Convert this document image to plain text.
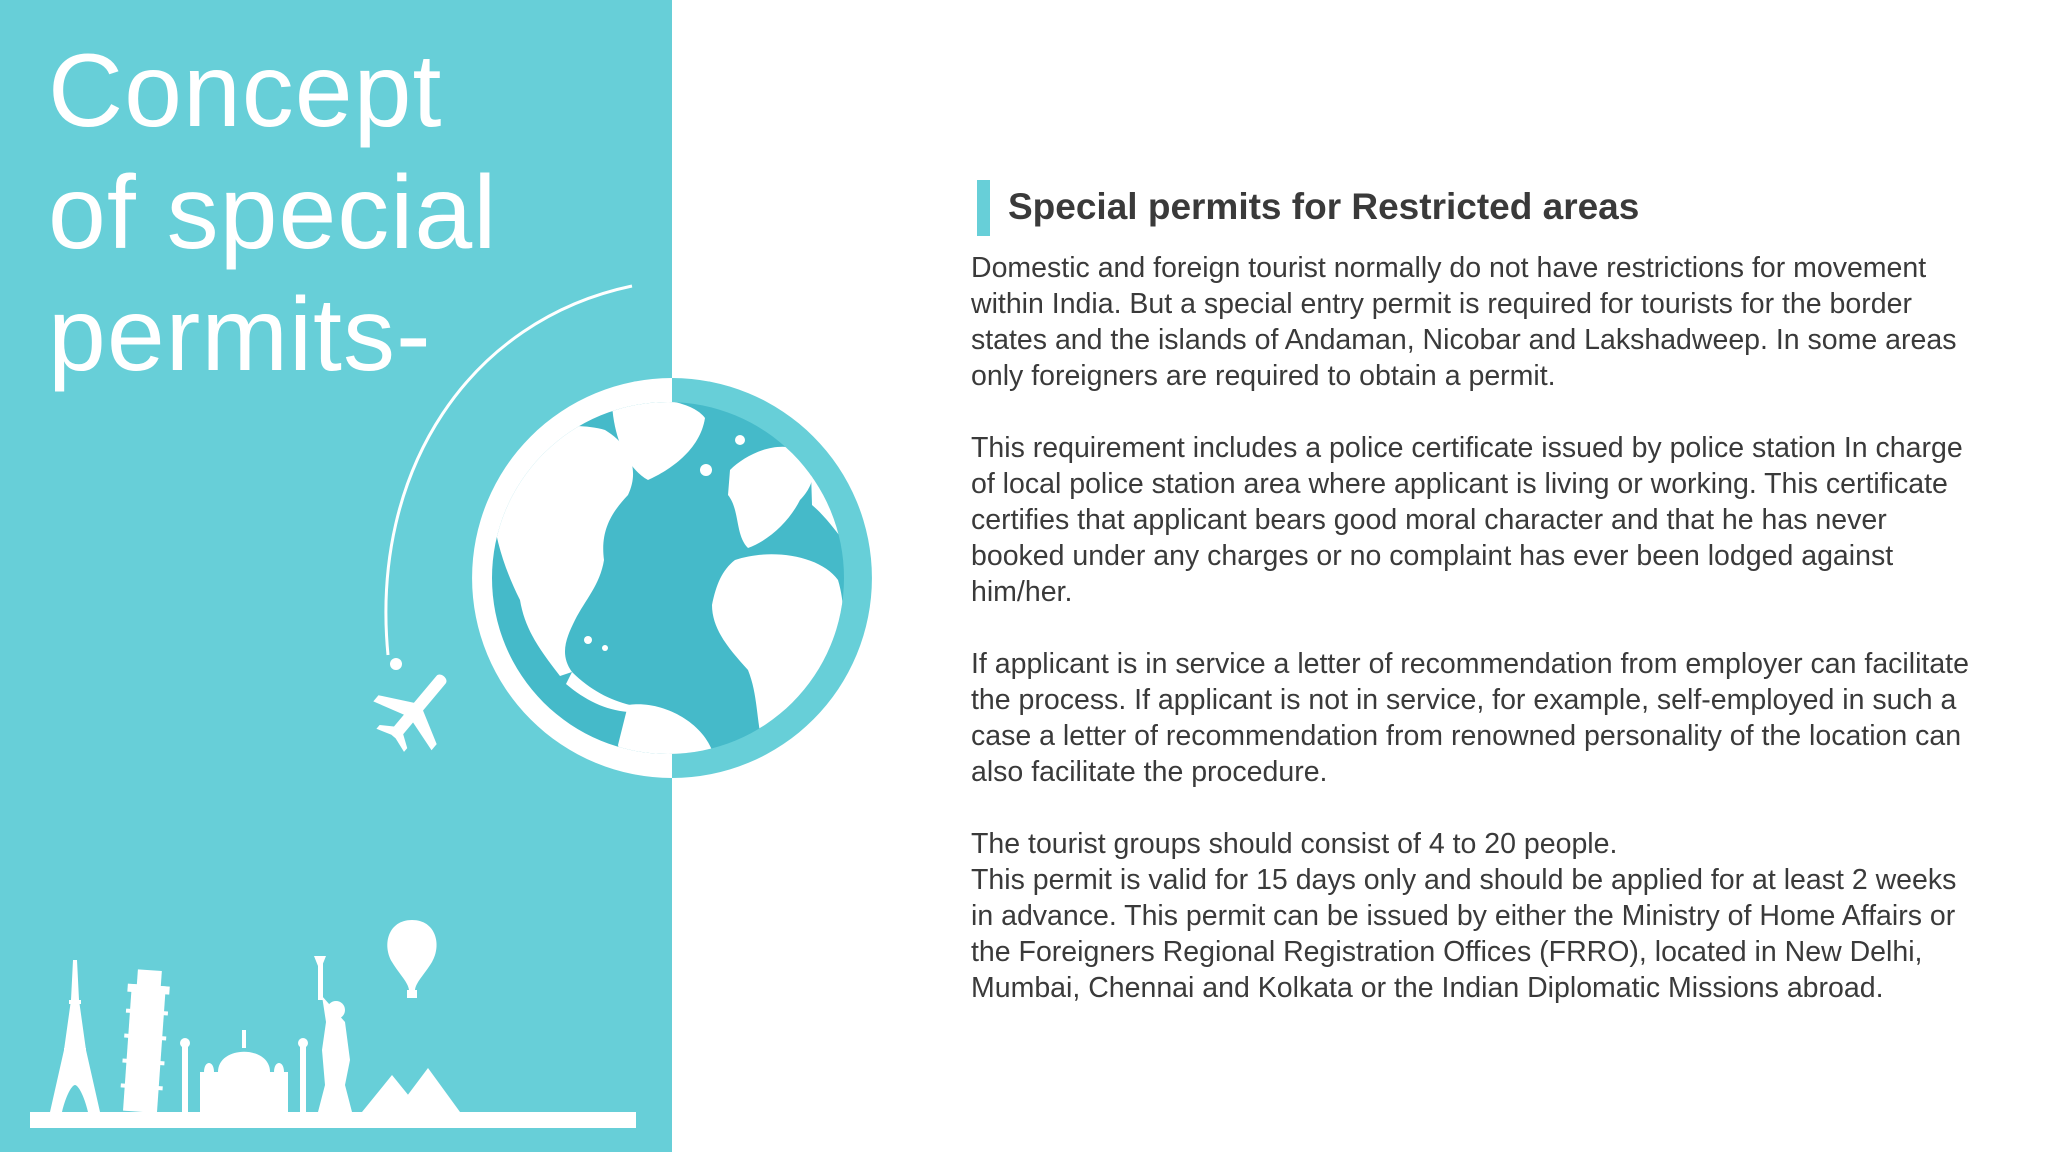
Concept
of special
permits-
Special permits for Restricted areas

Domestic and foreign tourist normally do not have restrictions for movement within India. But a special entry permit is required for tourists for the border states and the islands of Andaman, Nicobar and Lakshadweep. In some areas only foreigners are required to obtain a permit.

This requirement includes a police certificate issued by police station In charge of local police station area where applicant is living or working. This certificate certifies that applicant bears good moral character and that he has never booked under any charges or no complaint has ever been lodged against him/her.

If applicant is in service a letter of recommendation from employer can facilitate the process. If applicant is not in service, for example, self-employed in such a case a letter of recommendation from renowned personality of the location can also facilitate the procedure.

The tourist groups should consist of 4 to 20 people.

This permit is valid for 15 days only and should be applied for at least 2 weeks in advance. This permit can be issued by either the Ministry of Home Affairs or the Foreigners Regional Registration Offices (FRRO), located in New Delhi, Mumbai, Chennai and Kolkata or the Indian Diplomatic Missions abroad.
